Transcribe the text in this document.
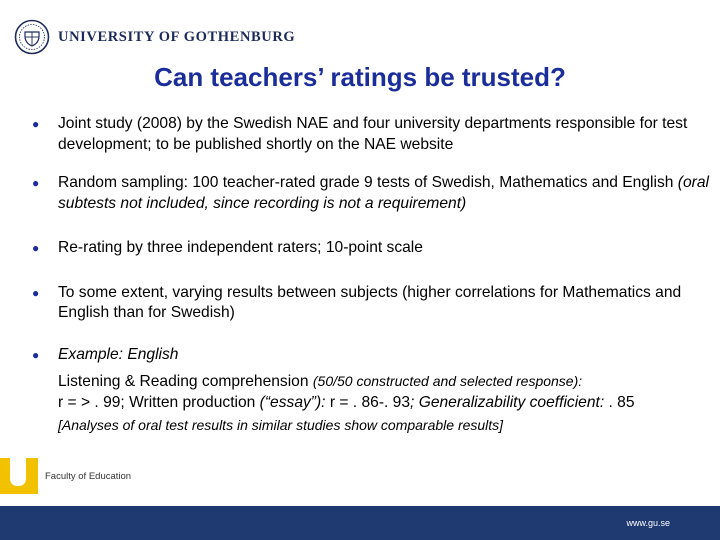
UNIVERSITY OF GOTHENBURG
Can teachers’ ratings be trusted?
●	Joint study (2008) by the Swedish NAE and four university departments responsible for test development; to be published shortly on the NAE website
●	Random sampling: 100 teacher-rated grade 9 tests of Swedish, Mathematics and English (oral subtests not included, since recording is not a requirement)
●	Re-rating by three independent raters; 10-point scale
●	To some extent, varying results between subjects (higher correlations for Mathematics and English than for Swedish)
●	Example: English
Listening & Reading comprehension (50/50 constructed and selected response):
r = > . 99; Written production (“essay”): r = . 86-. 93; Generalizability coefficient: . 85
[Analyses of oral test results in similar studies show comparable results]
Faculty of Education
www.gu.se
